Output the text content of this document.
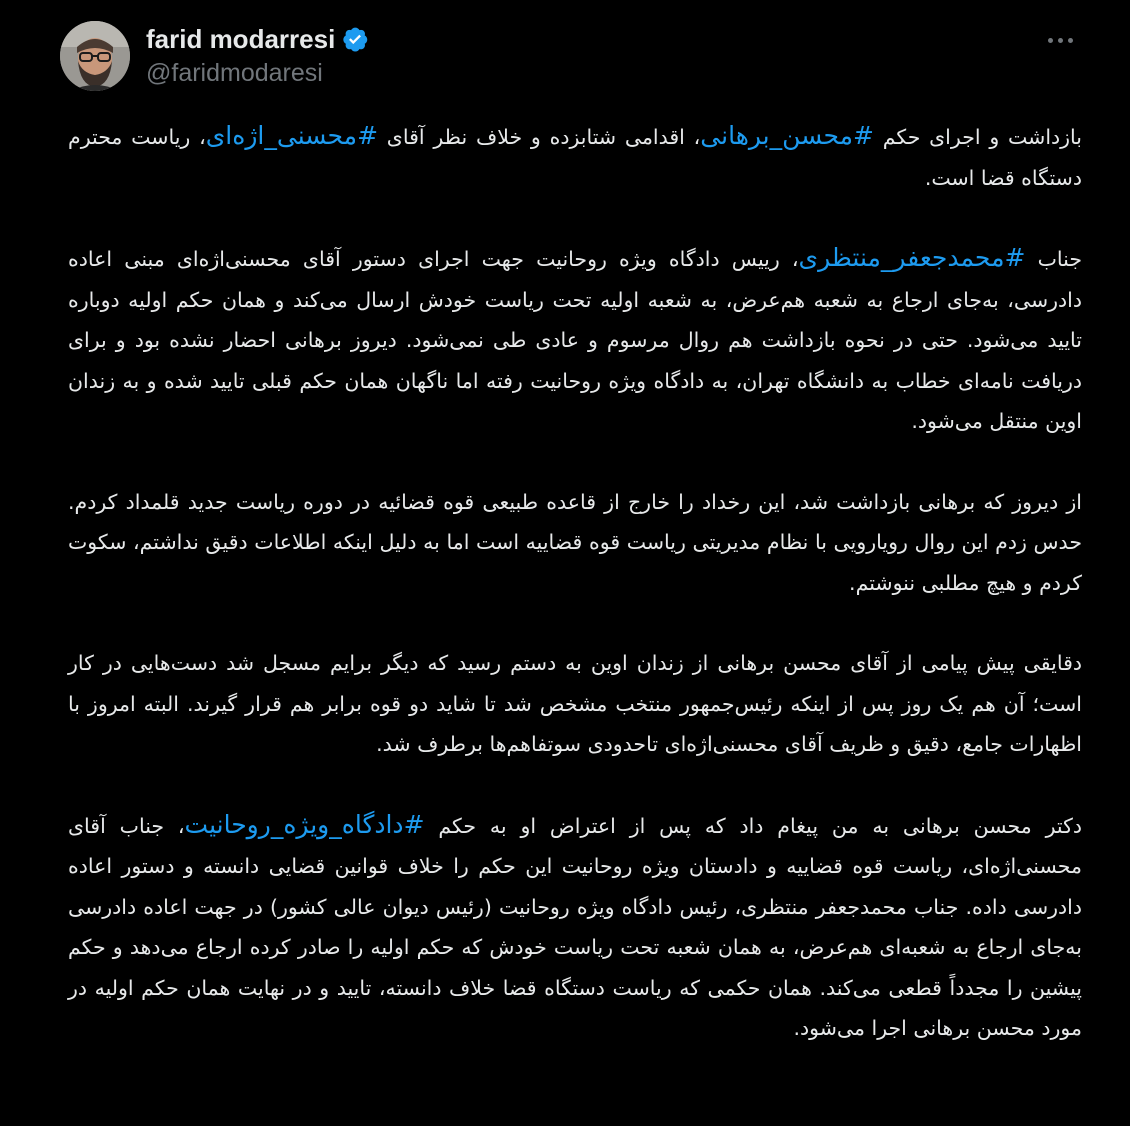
farid modarresi
@faridmodaresi

بازداشت و اجرای حکم #محسن_برهانی، اقدامی شتابزده و خلاف نظر آقای #محسنی_اژه‌ای، ریاست محترم دستگاه قضا است.

جناب #محمدجعفر_منتظری، رییس دادگاه ویژه روحانیت جهت اجرای دستور آقای محسنی‌اژه‌ای مبنی اعاده دادرسی، به‌جای ارجاع به شعبه هم‌عرض، به شعبه اولیه تحت ریاست خودش ارسال می‌کند و همان حکم اولیه دوباره تایید می‌شود. حتی در نحوه بازداشت هم روال مرسوم و عادی طی نمی‌شود. دیروز برهانی احضار نشده بود و برای دریافت نامه‌ای خطاب به دانشگاه تهران، به دادگاه ویژه روحانیت رفته اما ناگهان همان حکم قبلی تایید شده و به زندان اوین منتقل می‌شود.

از دیروز که برهانی بازداشت شد، این رخداد را خارج از قاعده طبیعی قوه قضائیه در دوره ریاست جدید قلمداد کردم. حدس زدم این روال رویارویی با نظام مدیریتی ریاست قوه قضاییه است اما به دلیل اینکه اطلاعات دقیق نداشتم، سکوت کردم و هیچ مطلبی ننوشتم.

دقایقی پیش پیامی از آقای محسن برهانی از زندان اوین به دستم رسید که دیگر برایم مسجل شد دست‌هایی در کار است؛ آن هم یک روز پس از اینکه رئیس‌جمهور منتخب مشخص شد تا شاید دو قوه برابر هم قرار گیرند. البته امروز با اظهارات جامع، دقیق و ظریف آقای محسنی‌اژه‌ای تاحدودی سوتفاهم‌ها برطرف شد.

دکتر محسن برهانی به من پیغام داد که پس از اعتراض او به حکم #دادگاه_ویژه_روحانیت، جناب آقای محسنی‌اژه‌ای، ریاست قوه قضاییه و دادستان ویژه روحانیت این حکم را خلاف قوانین قضایی دانسته و دستور اعاده دادرسی داده. جناب محمدجعفر منتظری، رئیس دادگاه ویژه روحانیت (رئیس دیوان عالی کشور) در جهت اعاده دادرسی به‌جای ارجاع به شعبه‌ای هم‌عرض، به همان شعبه تحت ریاست خودش که حکم اولیه را صادر کرده ارجاع می‌دهد و حکم پیشین را مجدداً قطعی می‌کند. همان حکمی که ریاست دستگاه قضا خلاف دانسته، تایید و در نهایت همان حکم اولیه در مورد محسن برهانی اجرا می‌شود.
